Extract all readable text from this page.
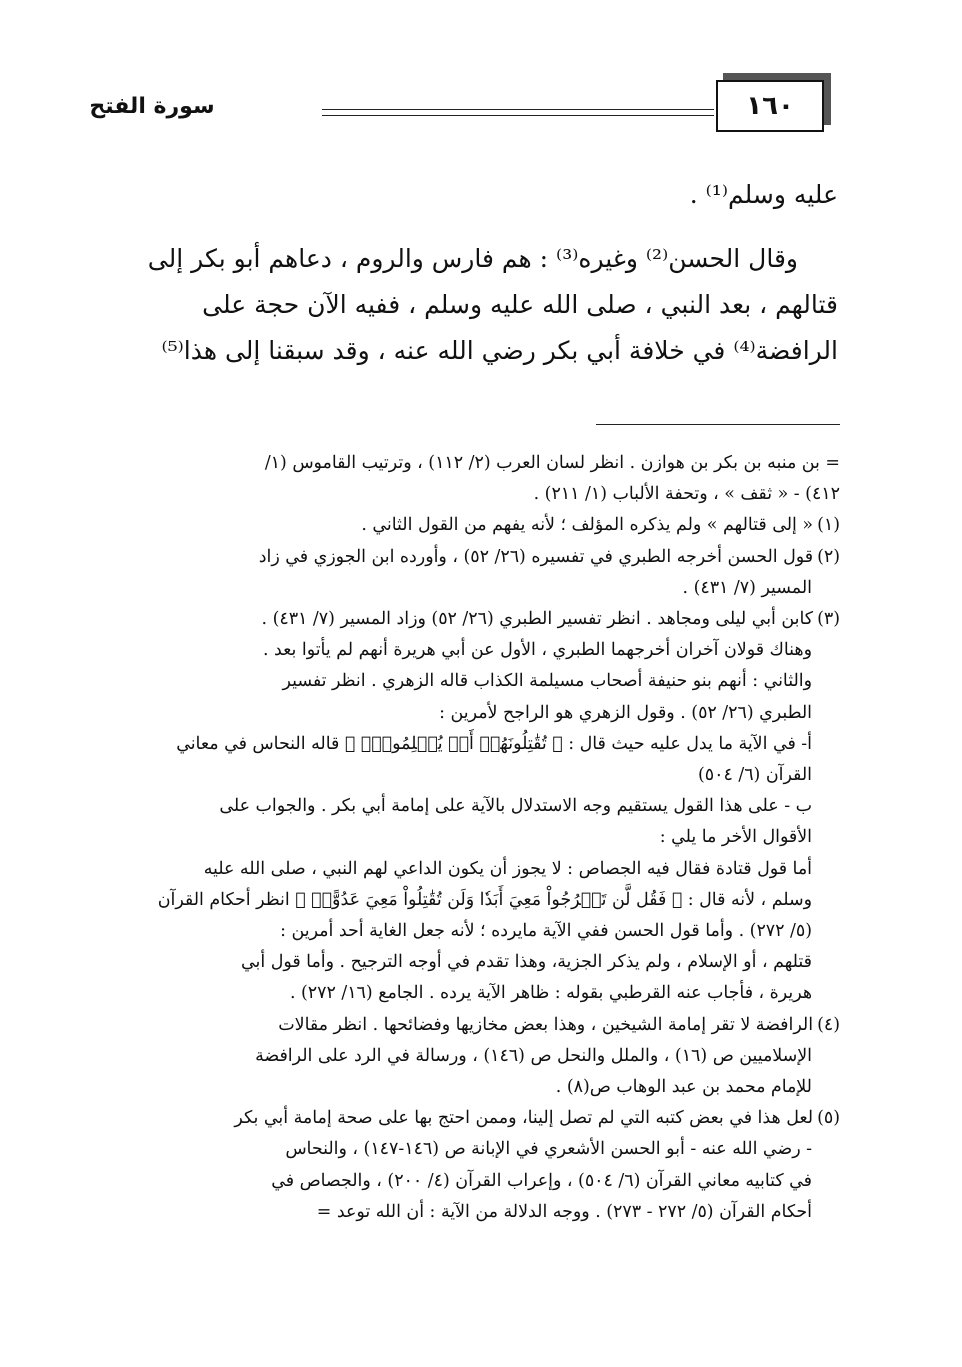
١٦٠
سورة الفتح

عليه وسلم⁽¹⁾ .

وقال الحسن⁽²⁾ وغيره⁽³⁾ : هم فارس والروم ، دعاهم أبو بكر إلى

قتالهم ، بعد النبي ، صلى الله عليه وسلم ، ففيه الآن حجة على

الرافضة⁽⁴⁾ في خلافة أبي بكر رضي الله عنه ، وقد سبقنا إلى هذا⁽⁵⁾

= بن منبه بن بكر بن هوازن . انظر لسان العرب (٢/ ١١٢) ، وترتيب القاموس (١/
٤١٢) - « ثقف » ، وتحفة الألباب (١/ ٢١١) .
(١)« إلى قتالهم » ولم يذكره المؤلف ؛ لأنه يفهم من القول الثاني .
(٢)قول الحسن أخرجه الطبري في تفسيره (٢٦/ ٥٢) ، وأورده ابن الجوزي في زاد
المسير (٧/ ٤٣١) .
(٣)كابن أبي ليلى ومجاهد . انظر تفسير الطبري (٢٦/ ٥٢) وزاد المسير (٧/ ٤٣١) .
وهناك قولان آخران أخرجهما الطبري ، الأول عن أبي هريرة أنهم لم يأتوا بعد .
والثاني : أنهم بنو حنيفة أصحاب مسيلمة الكذاب قاله الزهري . انظر تفسير
الطبري (٢٦/ ٥٢) . وقول الزهري هو الراجح لأمرين :
أ- في الآية ما يدل عليه حيث قال : ﴿ تُقَٰتِلُونَهُمۡ أَوۡ يُسۡلِمُونَۖ ﴾ قاله النحاس في معاني
القرآن (٦/ ٥٠٤)
ب - على هذا القول يستقيم وجه الاستدلال بالآية على إمامة أبي بكر . والجواب على
الأقوال الأخر ما يلي :
أما قول قتادة فقال فيه الجصاص : لا يجوز أن يكون الداعي لهم النبي ، صلى الله عليه
وسلم ، لأنه قال : ﴿ فَقُل لَّن تَخۡرُجُواْ مَعِيَ أَبَدٗا وَلَن تُقَٰتِلُواْ مَعِيَ عَدُوًّاۖ ﴾ انظر أحكام القرآن
(٥/ ٢٧٢) . وأما قول الحسن ففي الآية مايرده ؛ لأنه جعل الغاية أحد أمرين :
قتلهم ، أو الإسلام ، ولم يذكر الجزية، وهذا تقدم في أوجه الترجيح . وأما قول أبي
هريرة ، فأجاب عنه القرطبي بقوله : ظاهر الآية يرده . الجامع (١٦/ ٢٧٢) .
(٤)الرافضة لا تقر إمامة الشيخين ، وهذا بعض مخازيها وفضائحها . انظر مقالات
الإسلاميين ص (١٦) ، والملل والنحل ص (١٤٦) ، ورسالة في الرد على الرافضة
للإمام محمد بن عبد الوهاب ص(٨) .
(٥)لعل هذا في بعض كتبه التي لم تصل إلينا، وممن احتج بها على صحة إمامة أبي بكر
- رضي الله عنه - أبو الحسن الأشعري في الإبانة ص (١٤٦-١٤٧) ، والنحاس
في كتابيه معاني القرآن (٦/ ٥٠٤) ، وإعراب القرآن (٤/ ٢٠٠) ، والجصاص في
أحكام القرآن (٥/ ٢٧٢ - ٢٧٣) . ووجه الدلالة من الآية : أن الله توعد =
